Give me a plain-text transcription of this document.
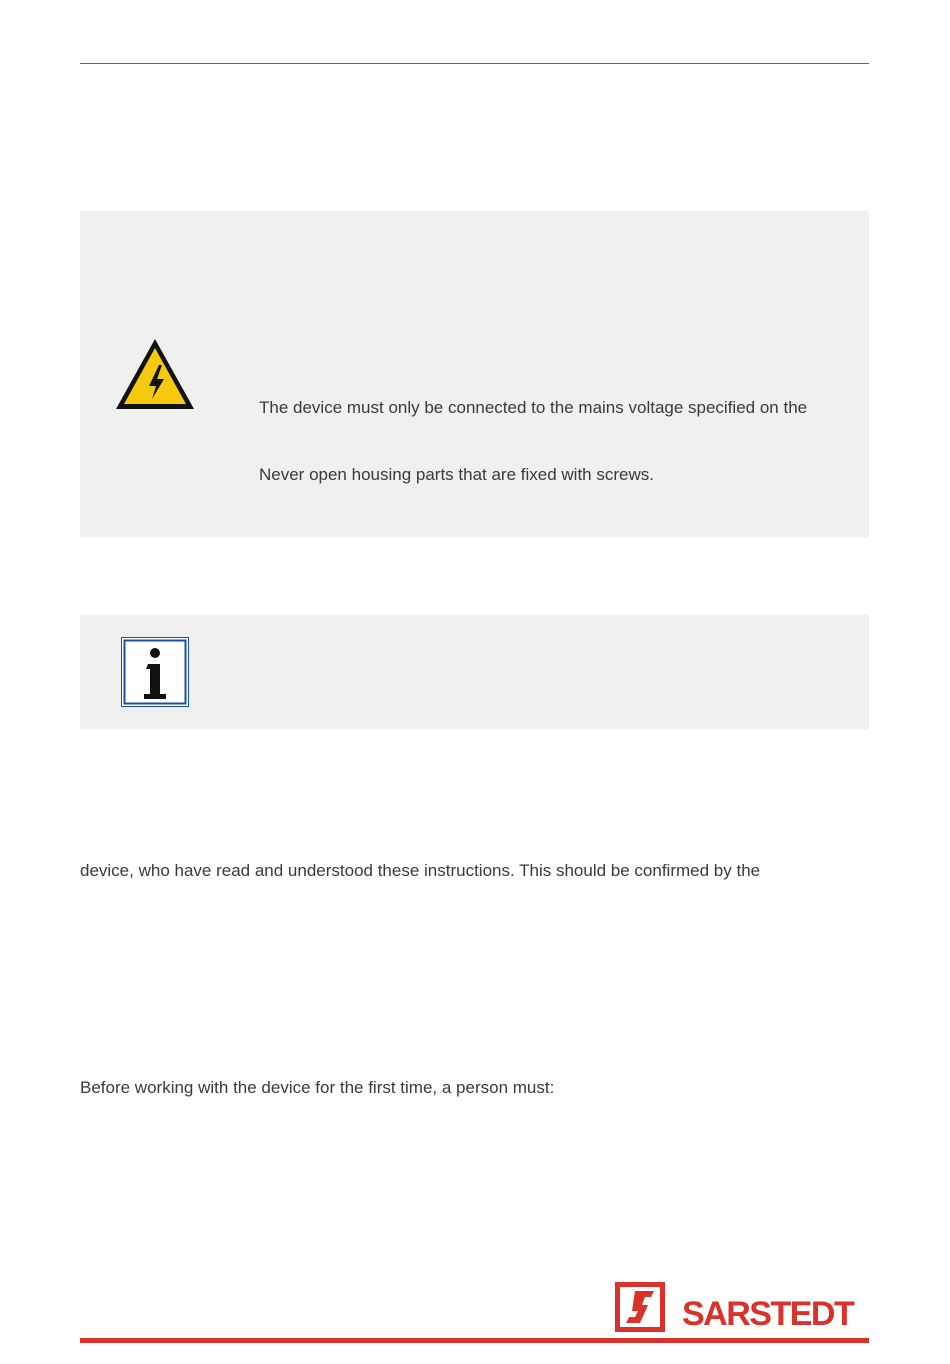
The device must only be connected to the mains voltage specified on the
Never open housing parts that are fixed with screws.
device, who have read and understood these instructions. This should be confirmed by the
Before working with the device for the first time, a person must:
SARSTEDT
